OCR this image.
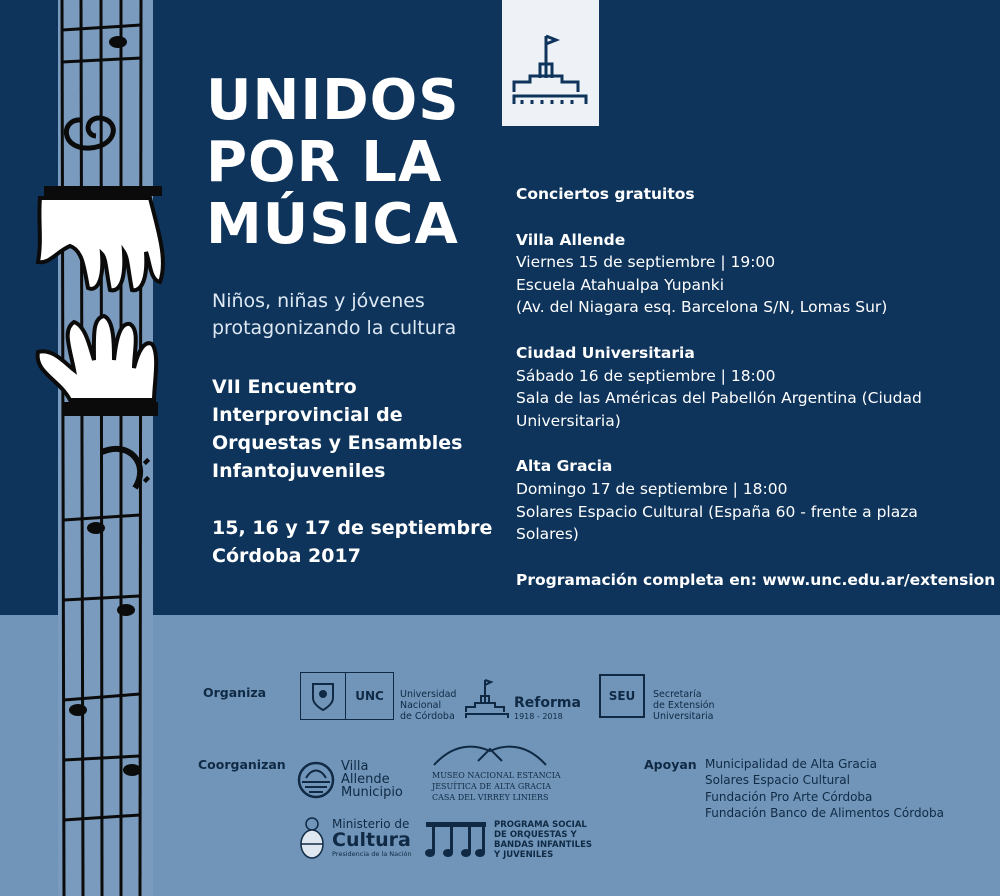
UNIDOS
POR LA
MÚSICA
Niños, niñas y jóvenes
protagonizando la cultura
VII Encuentro
Interprovincial de
Orquestas y Ensambles
Infantojuveniles
15, 16 y 17 de septiembre
Córdoba 2017
Conciertos gratuitos
Villa Allende
Viernes 15 de septiembre | 19:00
Escuela Atahualpa Yupanki
(Av. del Niagara esq. Barcelona S/N, Lomas Sur)
Ciudad Universitaria
Sábado 16 de septiembre | 18:00
Sala de las Américas del Pabellón Argentina (Ciudad
Universitaria)
Alta Gracia
Domingo 17 de septiembre | 18:00
Solares Espacio Cultural (España 60 - frente a plaza
Solares)
Programación completa en: www.unc.edu.ar/extension
Organiza
Coorganizan	Apoyan
UNC	Universidad
Nacional
de Córdoba
Reforma
1918 - 2018
SEU Secretaría
de Extensión
Universitaria
Villa
Allende
Municipio
MUSEO NACIONAL ESTANCIA
JESUÍTICA DE ALTA GRACIA
CASA DEL VIRREY LINIERS
Ministerio de
Cultura
Presidencia de la Nación
PROGRAMA SOCIAL
DE ORQUESTAS Y
BANDAS INFANTILES
Y JUVENILES
Municipalidad de Alta Gracia
Solares Espacio Cultural
Fundación Pro Arte Córdoba
Fundación Banco de Alimentos Córdoba
